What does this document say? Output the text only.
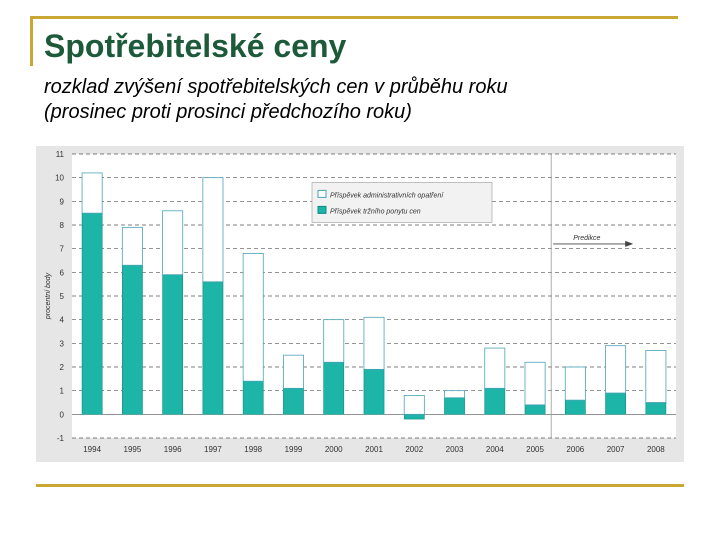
Spotřebitelské ceny
rozklad zvýšení spotřebitelských cen v průběhu roku
(prosinec proti prosinci předchozího roku)
-1
0
1
2
3
4
5
6
7
8
9
10
11
procentní body
1994	1995	1996	1997	1998	1999	2000	2001	2002	2003	2004	2005	2006	2007	2008
Predikce
Příspěvek administrativních opatření
Příspěvek tržního ponytu cen
